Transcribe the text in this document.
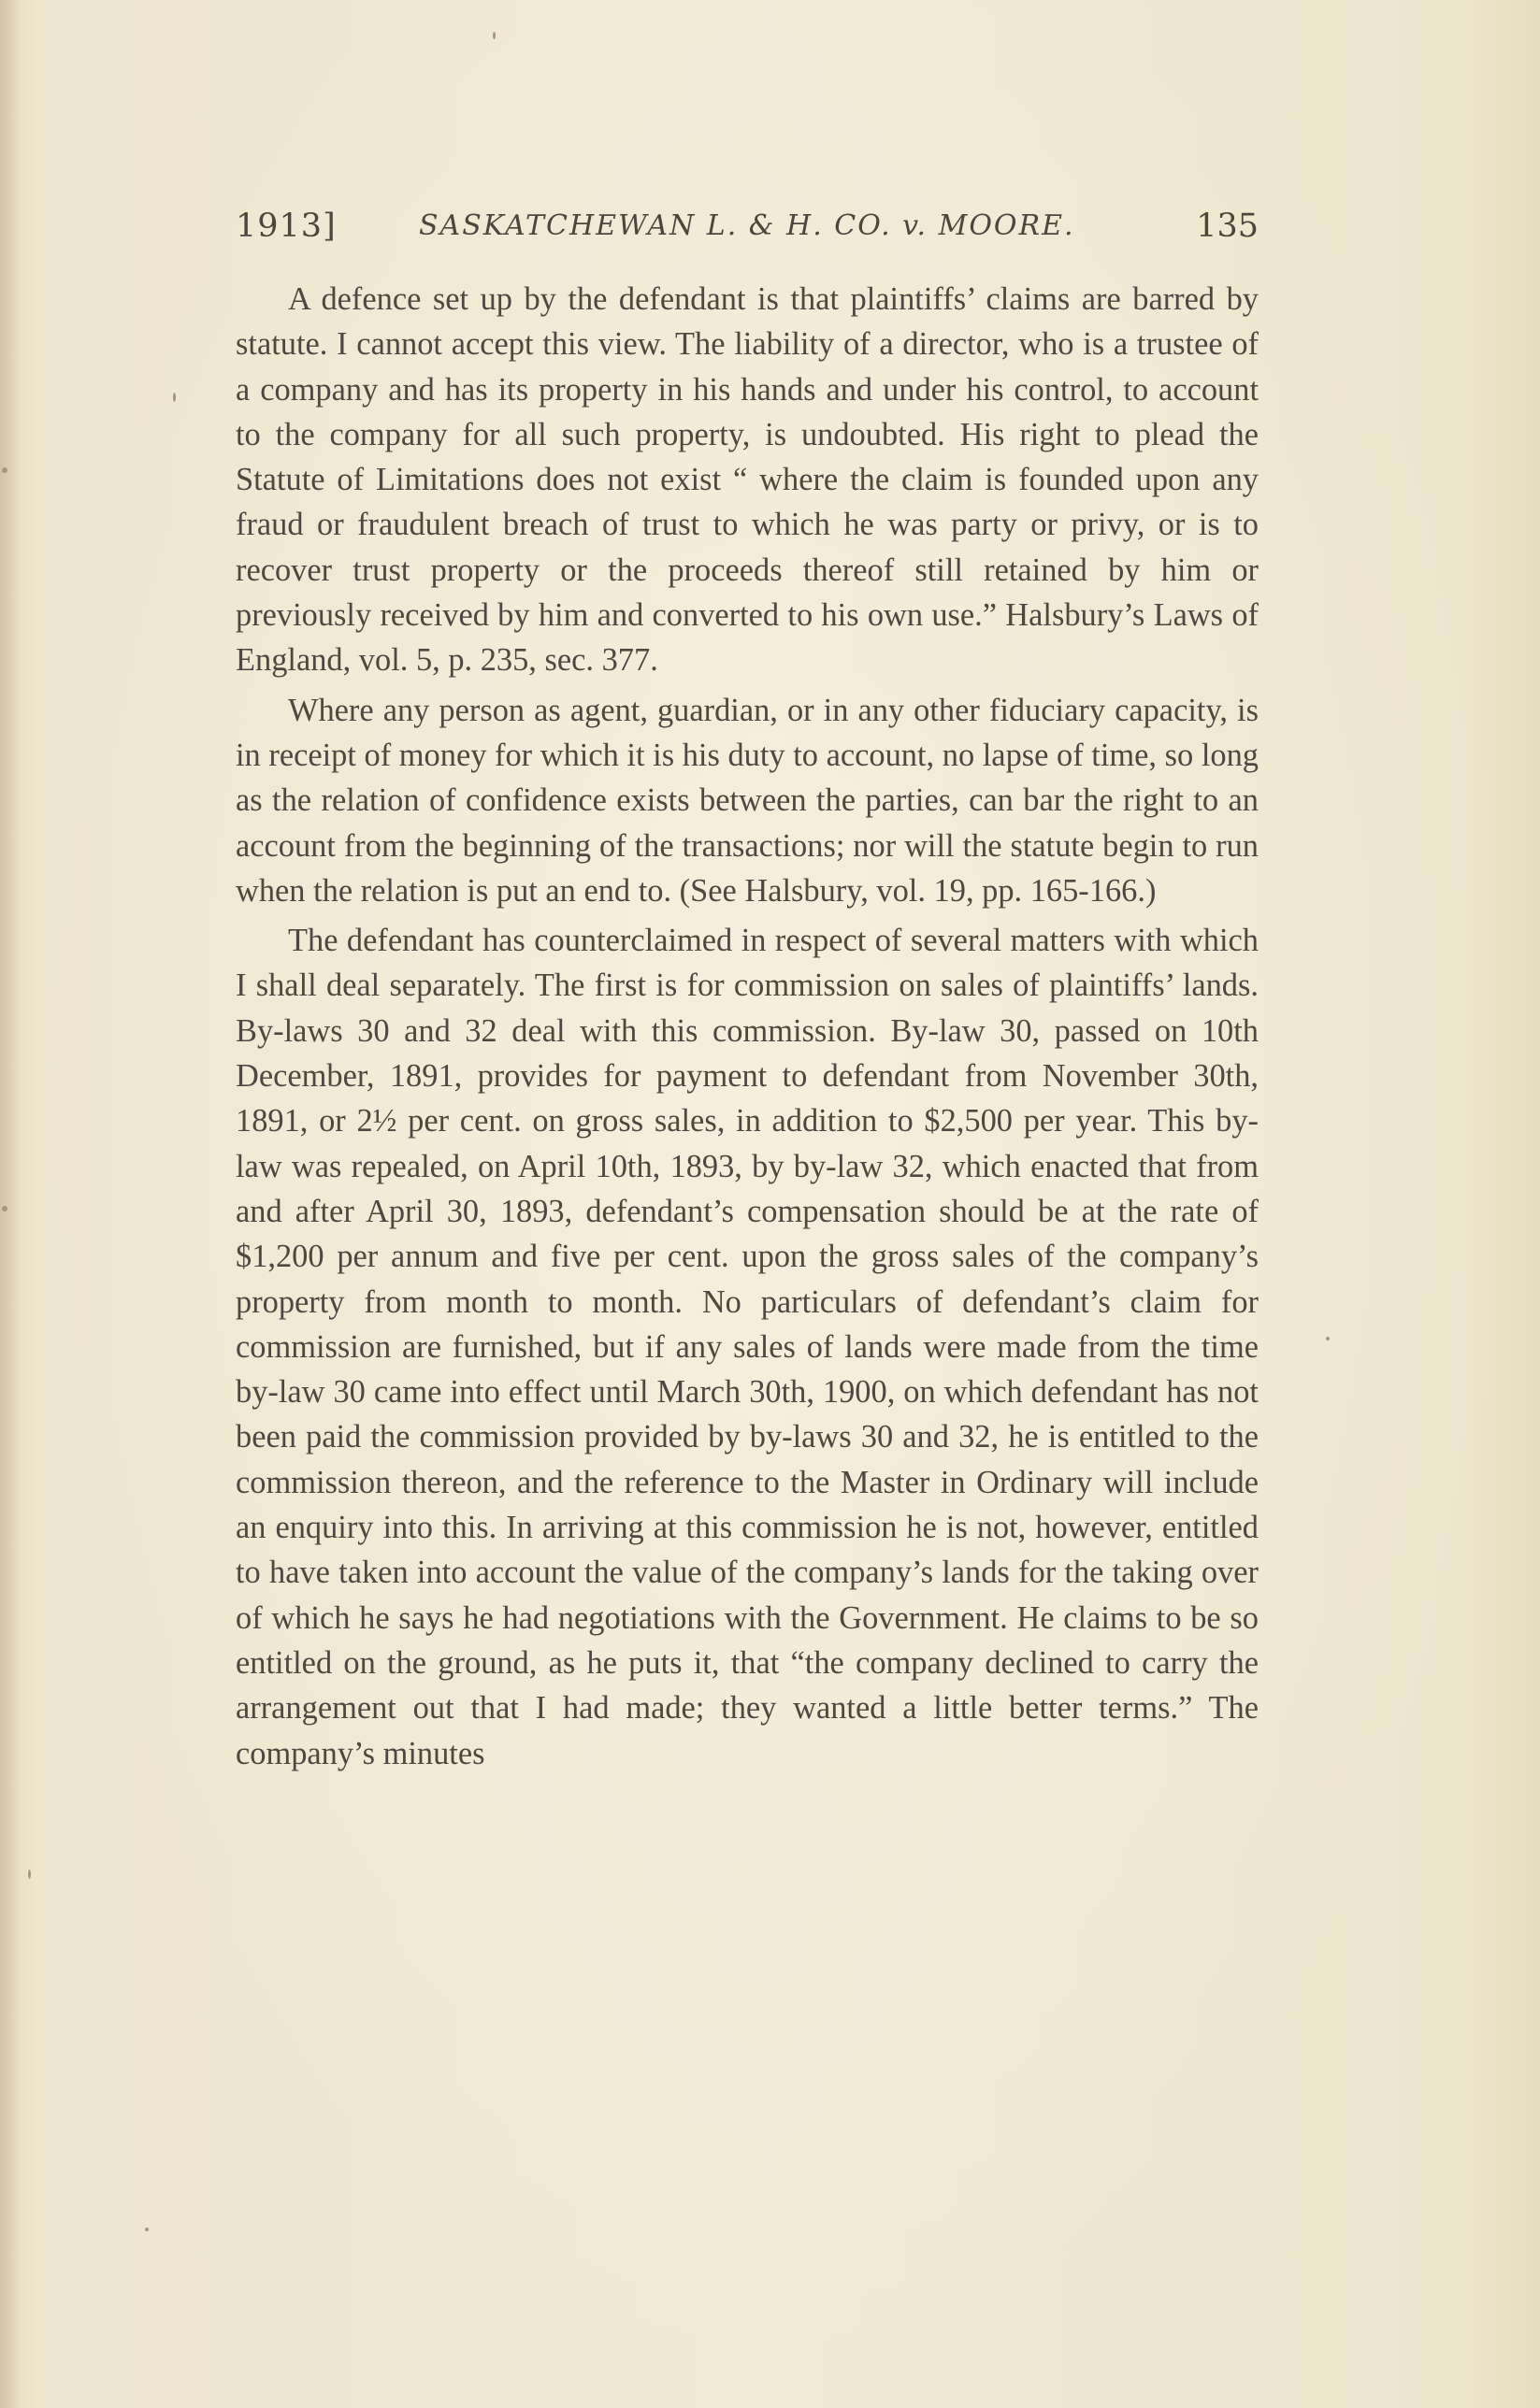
1913]	SASKATCHEWAN L. & H. CO. v. MOORE.	135

A defence set up by the defendant is that plaintiffs’ claims are barred by statute. I cannot accept this view. The liability of a director, who is a trustee of a company and has its property in his hands and under his control, to account to the company for all such property, is undoubted. His right to plead the Statute of Limitations does not exist “ where the claim is founded upon any fraud or fraudulent breach of trust to which he was party or privy, or is to recover trust property or the proceeds thereof still retained by him or previously received by him and converted to his own use.” Halsbury’s Laws of England, vol. 5, p. 235, sec. 377.

Where any person as agent, guardian, or in any other fiduciary capacity, is in receipt of money for which it is his duty to account, no lapse of time, so long as the relation of confidence exists between the parties, can bar the right to an account from the beginning of the transactions; nor will the statute begin to run when the relation is put an end to. (See Halsbury, vol. 19, pp. 165-166.)

The defendant has counterclaimed in respect of several matters with which I shall deal separately. The first is for commission on sales of plaintiffs’ lands. By-laws 30 and 32 deal with this commission. By-law 30, passed on 10th December, 1891, provides for payment to defendant from November 30th, 1891, or 2½ per cent. on gross sales, in addition to $2,500 per year. This by-law was repealed, on April 10th, 1893, by by-law 32, which enacted that from and after April 30, 1893, defendant’s compensation should be at the rate of $1,200 per annum and five per cent. upon the gross sales of the company’s property from month to month. No particulars of defendant’s claim for commission are furnished, but if any sales of lands were made from the time by-law 30 came into effect until March 30th, 1900, on which defendant has not been paid the commission provided by by-laws 30 and 32, he is entitled to the commission thereon, and the reference to the Master in Ordinary will include an enquiry into this. In arriving at this commission he is not, however, entitled to have taken into account the value of the company’s lands for the taking over of which he says he had negotiations with the Government. He claims to be so entitled on the ground, as he puts it, that “the company declined to carry the arrangement out that I had made; they wanted a little better terms.” The company’s minutes
